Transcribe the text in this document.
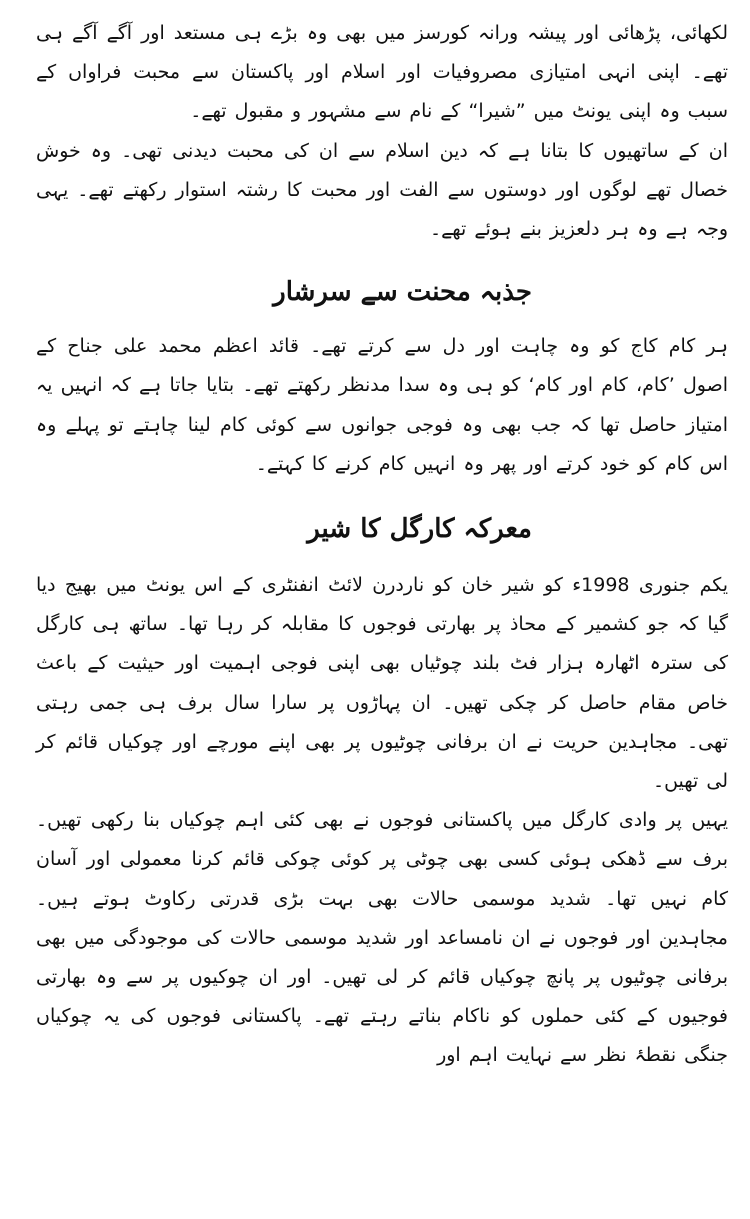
لکھائی، پڑھائی اور پیشہ ورانہ کورسز میں بھی وہ بڑے ہی مستعد اور آگے آگے ہی تھے۔ اپنی انہی امتیازی مصروفیات اور اسلام اور پاکستان سے محبت فراواں کے سبب وہ اپنی یونٹ میں ”شیرا“ کے نام سے مشہور و مقبول تھے۔

ان کے ساتھیوں کا بتانا ہے کہ دین اسلام سے ان کی محبت دیدنی تھی۔ وہ خوش خصال تھے لوگوں اور دوستوں سے الفت اور محبت کا رشتہ استوار رکھتے تھے۔ یہی وجہ ہے وہ ہر دلعزیز بنے ہوئے تھے۔

جذبہ محنت سے سرشار

ہر کام کاج کو وہ چاہت اور دل سے کرتے تھے۔ قائد اعظم محمد علی جناح کے اصول ’کام، کام اور کام‘ کو ہی وہ سدا مدنظر رکھتے تھے۔ بتایا جاتا ہے کہ انہیں یہ امتیاز حاصل تھا کہ جب بھی وہ فوجی جوانوں سے کوئی کام لینا چاہتے تو پہلے وہ اس کام کو خود کرتے اور پھر وہ انہیں کام کرنے کا کہتے۔

معرکہ کارگل کا شیر

یکم جنوری 1998ء کو شیر خان کو ناردرن لائٹ انفنٹری کے اس یونٹ میں بھیج دیا گیا کہ جو کشمیر کے محاذ پر بھارتی فوجوں کا مقابلہ کر رہا تھا۔ ساتھ ہی کارگل کی سترہ اٹھارہ ہزار فٹ بلند چوٹیاں بھی اپنی فوجی اہمیت اور حیثیت کے باعث خاص مقام حاصل کر چکی تھیں۔ ان پہاڑوں پر سارا سال برف ہی جمی رہتی تھی۔ مجاہدین حریت نے ان برفانی چوٹیوں پر بھی اپنے مورچے اور چوکیاں قائم کر لی تھیں۔

یہیں پر وادی کارگل میں پاکستانی فوجوں نے بھی کئی اہم چوکیاں بنا رکھی تھیں۔ برف سے ڈھکی ہوئی کسی بھی چوٹی پر کوئی چوکی قائم کرنا معمولی اور آسان کام نہیں تھا۔ شدید موسمی حالات بھی بہت بڑی قدرتی رکاوٹ ہوتے ہیں۔ مجاہدین اور فوجوں نے ان نامساعد اور شدید موسمی حالات کی موجودگی میں بھی برفانی چوٹیوں پر پانچ چوکیاں قائم کر لی تھیں۔ اور ان چوکیوں پر سے وہ بھارتی فوجیوں کے کئی حملوں کو ناکام بناتے رہتے تھے۔ پاکستانی فوجوں کی یہ چوکیاں جنگی نقطۂ نظر سے نہایت اہم اور
